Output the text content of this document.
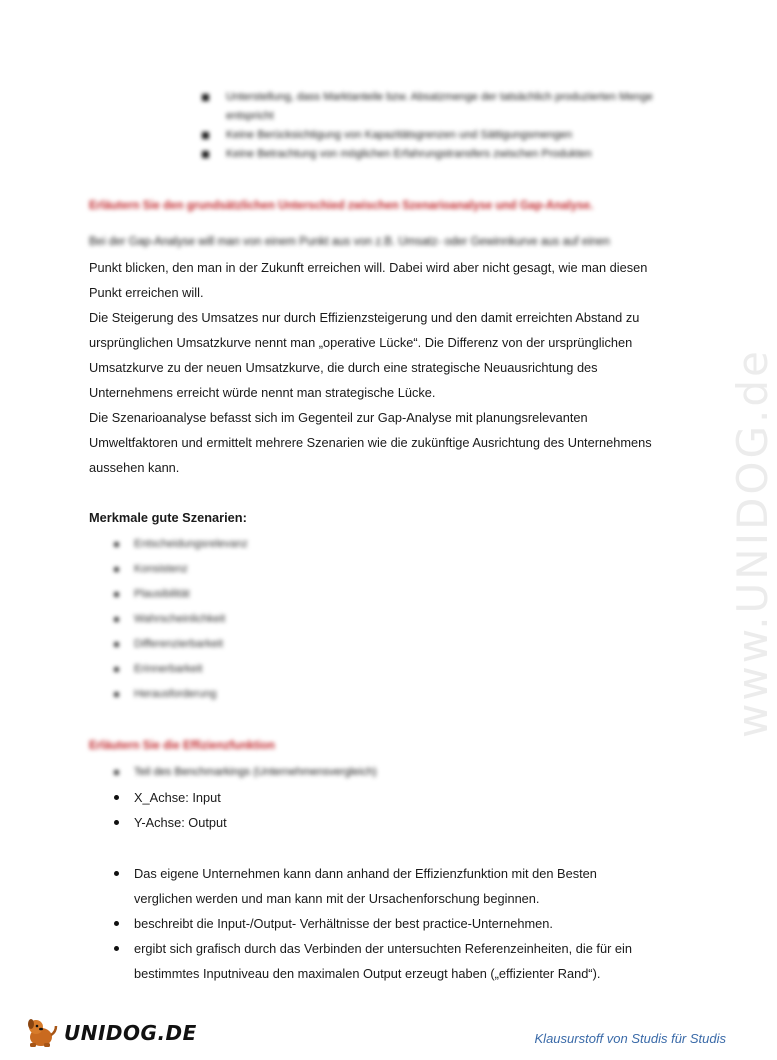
Unterstellung, dass Marktanteile bzw. Absatzmenge der tatsächlich produzierten Menge entspricht
Keine Berücksichtigung von Kapazitätsgrenzen und Sättigungsmengen
Keine Betrachtung von möglichen Erfahrungstransfers zwischen Produkten
Erläutern Sie den grundsätzlichen Unterschied zwischen Szenarioanalyse und Gap-Analyse.

Bei der Gap-Analyse will man von einem Punkt aus von z.B. Umsatz- oder Gewinnkurve aus auf einen

Punkt blicken, den man in der Zukunft erreichen will. Dabei wird aber nicht gesagt, wie man diesen Punkt erreichen will.
Die Steigerung des Umsatzes nur durch Effizienzsteigerung und den damit erreichten Abstand zu ursprünglichen Umsatzkurve nennt man „operative Lücke“. Die Differenz von der ursprünglichen Umsatzkurve zu der neuen Umsatzkurve, die durch eine strategische Neuausrichtung des Unternehmens erreicht würde nennt man strategische Lücke.
Die Szenarioanalyse befasst sich im Gegenteil zur Gap-Analyse mit planungsrelevanten Umweltfaktoren und ermittelt mehrere Szenarien wie die zukünftige Ausrichtung des Unternehmens aussehen kann.

Merkmale gute Szenarien:
Entscheidungsrelevanz
Konsistenz
Plausibilität
Wahrscheinlichkeit
Differenzierbarkeit
Erinnerbarkeit
Herausforderung
Erläutern Sie die Effizienzfunktion
Teil des Benchmarkings (Unternehmensvergleich)
X_Achse: Input
Y-Achse: Output
Das eigene Unternehmen kann dann anhand der Effizienzfunktion mit den Besten verglichen werden und man kann mit der Ursachenforschung beginnen.
beschreibt die Input-/Output- Verhältnisse der best practice-Unternehmen.
ergibt sich grafisch durch das Verbinden der untersuchten Referenzeinheiten, die für ein bestimmtes Inputniveau den maximalen Output erzeugt haben („effizienter Rand“).
www.UNIDOG.de
UNIDOG.DE	Klausurstoff von Studis für Studis
